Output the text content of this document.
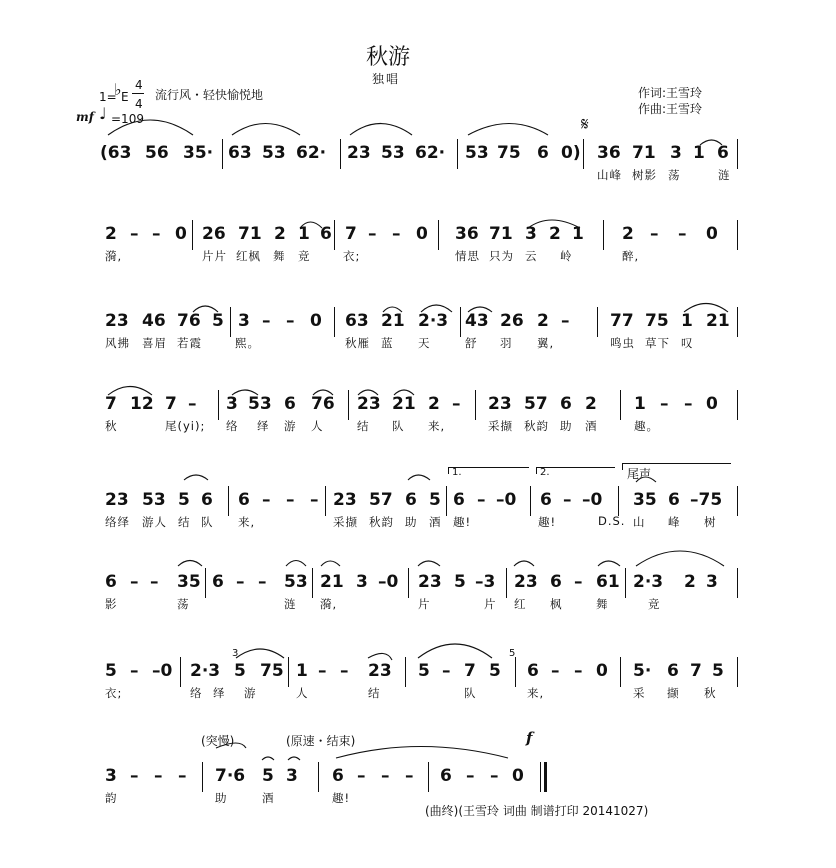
秋游
独唱
1=
♭ E
4
4
流行风・轻快愉悦地
mf ♩ =109
作词:王雪玲
作曲:王雪玲
(63 56 35· 63 53 62· 23 53 62· 53 75 6 0) 36 71 3 1 6
山峰 树影 荡	涟
2 – – 0 26 71 2 1 6 7 – – 0 36 71 3 2 1 2 – – 0
漪,	片片 红枫 舞 竞	衣;	情思 只为 云 岭	醉,
23 46 76 5 3 – – 0 63 21 2·3 43 26 2 – 77 75 1 21
风拂 喜眉 若霞	熙。	秋雁 蓝 天	舒 羽 翼,	鸣虫 草下 叹
7 12 7 – 3 53 6 76 23 21 2 – 23 57 6 2 1 – – 0
秋	尾(yi); 络 绎 游 人	结 队 来,	采撷 秋韵 助 酒	趣。
23 53 5 6 6 – – – 23 57 6 5 6 – –0 6 – –0 35 6 –75
络绎 游人 结 队 来,	采撷 秋韵 助 酒 趣!	趣!	D.S. 山 峰 树
6 – – 35 6 – – 53 21 3 –0 23 5 –3 23 6 – 61 2·3 2 3
影	荡	涟 漪,	片	片 红 枫	舞	竞
5 – –0 2·3 5 75 1 – – 23 5 – 7 5 6 – – 0 5· 6 7 5
衣;	络 绎 游	人	结	队	来,	采 撷 秋
3 – – – 7·6 5 3 6 – – – 6 – – 0
韵	助	酒	趣!
𝄋
1.	2.	尾声
(突慢)	(原速・结束)	f
3	5
(曲终)(王雪玲 词曲 制谱打印 20141027)
